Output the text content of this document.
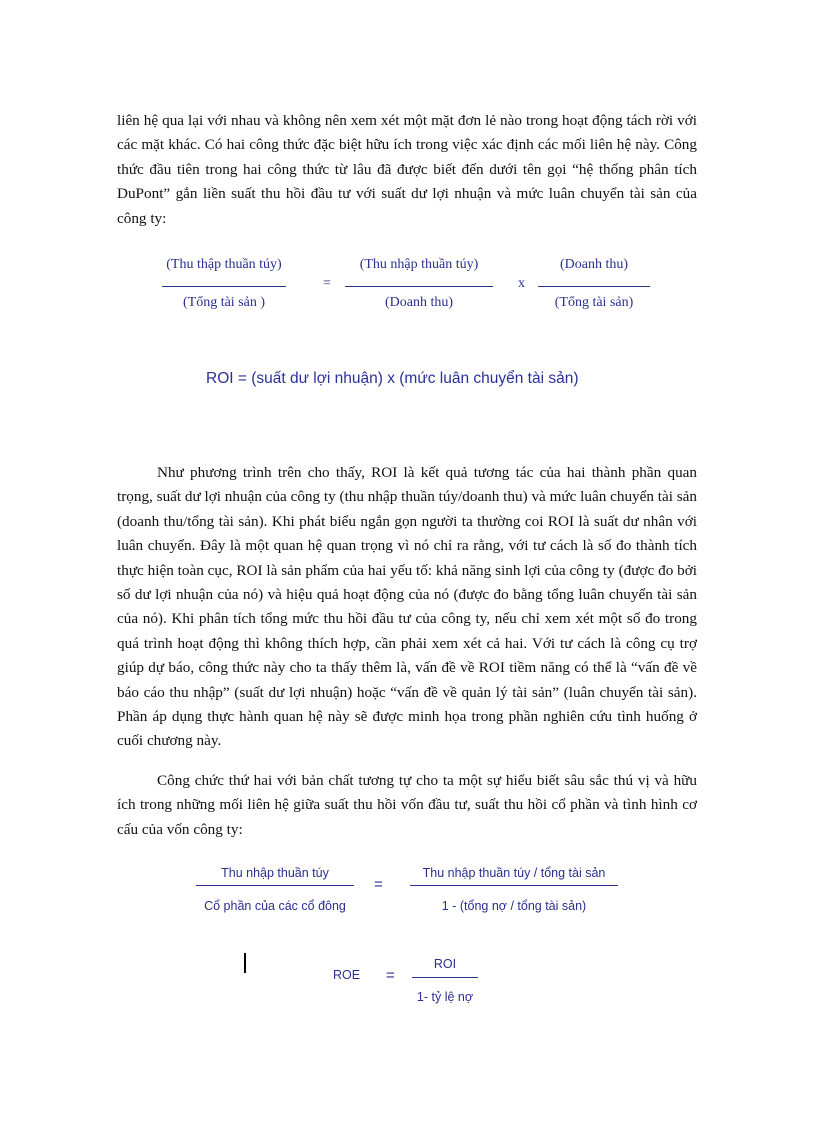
liên hệ qua lại với nhau và không nên xem xét một mặt đơn lẻ nào trong hoạt động tách rời với các mặt khác. Có hai công thức đặc biệt hữu ích trong việc xác định các mối liên hệ này. Công thức đầu tiên trong hai công thức từ lâu đã được biết đến dưới tên gọi “hệ thống phân tích DuPont” gắn liền suất thu hồi đầu tư với suất dư lợi nhuận và mức luân chuyển tài sản của công ty:

(Thu thập thuần túy)
(Tổng tài sản )
=
(Thu nhập thuần túy)
(Doanh thu)
x
(Doanh thu)
(Tổng tài sản)
ROI = (suất dư lợi nhuận) x (mức luân chuyển tài sản)

Như phương trình trên cho thấy, ROI là kết quả tương tác của hai thành phần quan trọng, suất dư lợi nhuận của công ty (thu nhập thuần túy/doanh thu) và mức luân chuyển tài sản (doanh thu/tổng tài sản). Khi phát biểu ngắn gọn người ta thường coi ROI là suất dư nhân với luân chuyển. Đây là một quan hệ quan trọng vì nó chỉ ra rằng, với tư cách là số đo thành tích thực hiện toàn cục, ROI là sản phẩm của hai yếu tố: khả năng sinh lợi của công ty (được đo bởi số dư lợi nhuận của nó) và hiệu quả hoạt động của nó (được đo bằng tổng luân chuyển tài sản của nó). Khi phân tích tổng mức thu hồi đầu tư của công ty, nếu chỉ xem xét một số đo trong quá trình hoạt động thì không thích hợp, cần phải xem xét cả hai. Với tư cách là công cụ trợ giúp dự báo, công thức này cho ta thấy thêm là, vấn đề về ROI tiềm năng có thể là “vấn đề về báo cáo thu nhập” (suất dư lợi nhuận) hoặc “vấn đề về quản lý tài sản” (luân chuyển tài sản). Phần áp dụng thực hành quan hệ này sẽ được minh họa trong phần nghiên cứu tình huống ở cuối chương này.

Công chức thứ hai với bản chất tương tự cho ta một sự hiểu biết sâu sắc thú vị và hữu ích trong những mối liên hệ giữa suất thu hồi vốn đầu tư, suất thu hồi cổ phần và tình hình cơ cấu của vốn công ty:

Thu nhập thuần túy
Cổ phần của các cổ đông
=
Thu nhập thuần túy / tổng tài sản
1 - (tổng nợ / tổng tài sản)
ROE =
ROI
1- tỷ lệ nợ
